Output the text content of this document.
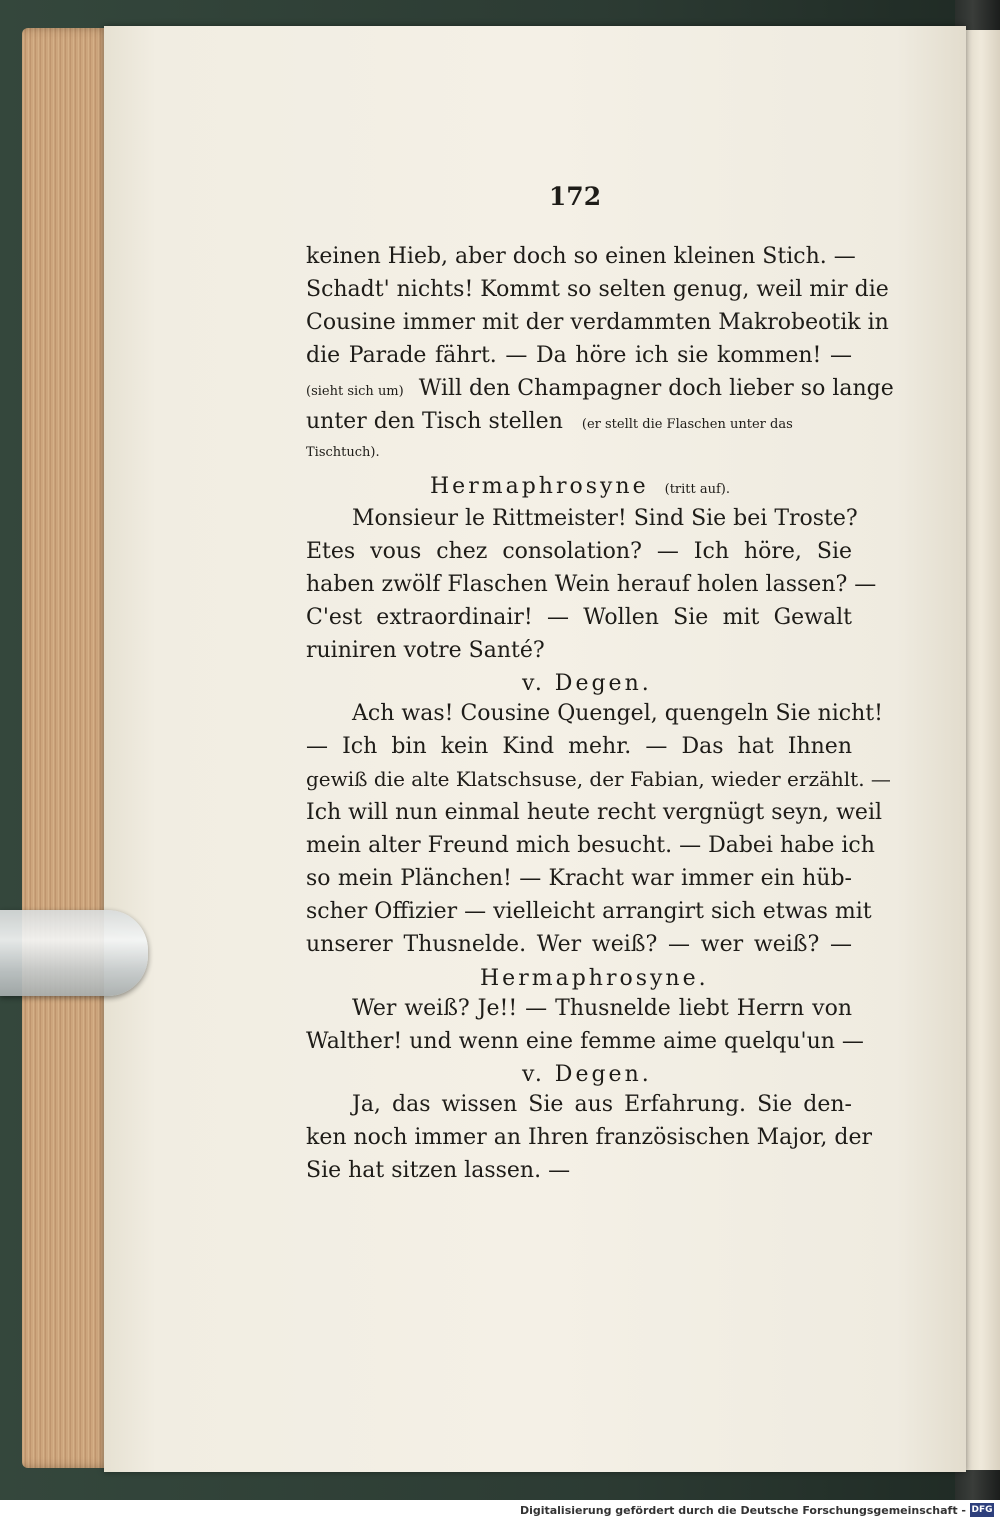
172
keinen Hieb, aber doch so einen kleinen Stich. —
Schadt' nichts! Kommt so selten genug, weil mir die
Cousine immer mit der verdammten Makrobeotik in
die Parade fährt. — Da höre ich sie kommen! —
(sieht sich um) Will den Champagner doch lieber so lange
unter den Tisch stellen (er stellt die Flaschen unter das
Tischtuch).
Hermaphrosyne (tritt auf).
Monsieur le Rittmeister! Sind Sie bei Troste?
Etes vous chez consolation? — Ich höre, Sie
haben zwölf Flaschen Wein herauf holen lassen? —
C'est extraordinair! — Wollen Sie mit Gewalt
ruiniren votre Santé?
v. Degen.
Ach was! Cousine Quengel, quengeln Sie nicht!
— Ich bin kein Kind mehr. — Das hat Ihnen
gewiß die alte Klatschsuse, der Fabian, wieder erzählt. —
Ich will nun einmal heute recht vergnügt seyn, weil
mein alter Freund mich besucht. — Dabei habe ich
so mein Plänchen! — Kracht war immer ein hüb-
scher Offizier — vielleicht arrangirt sich etwas mit
unserer Thusnelde. Wer weiß? — wer weiß? —
Hermaphrosyne.
Wer weiß? Je!! — Thusnelde liebt Herrn von
Walther! und wenn eine femme aime quelqu'un —
v. Degen.
Ja, das wissen Sie aus Erfahrung. Sie den-
ken noch immer an Ihren französischen Major, der
Sie hat sitzen lassen. —
Digitalisierung gefördert durch die Deutsche Forschungsgemeinschaft - DFG
